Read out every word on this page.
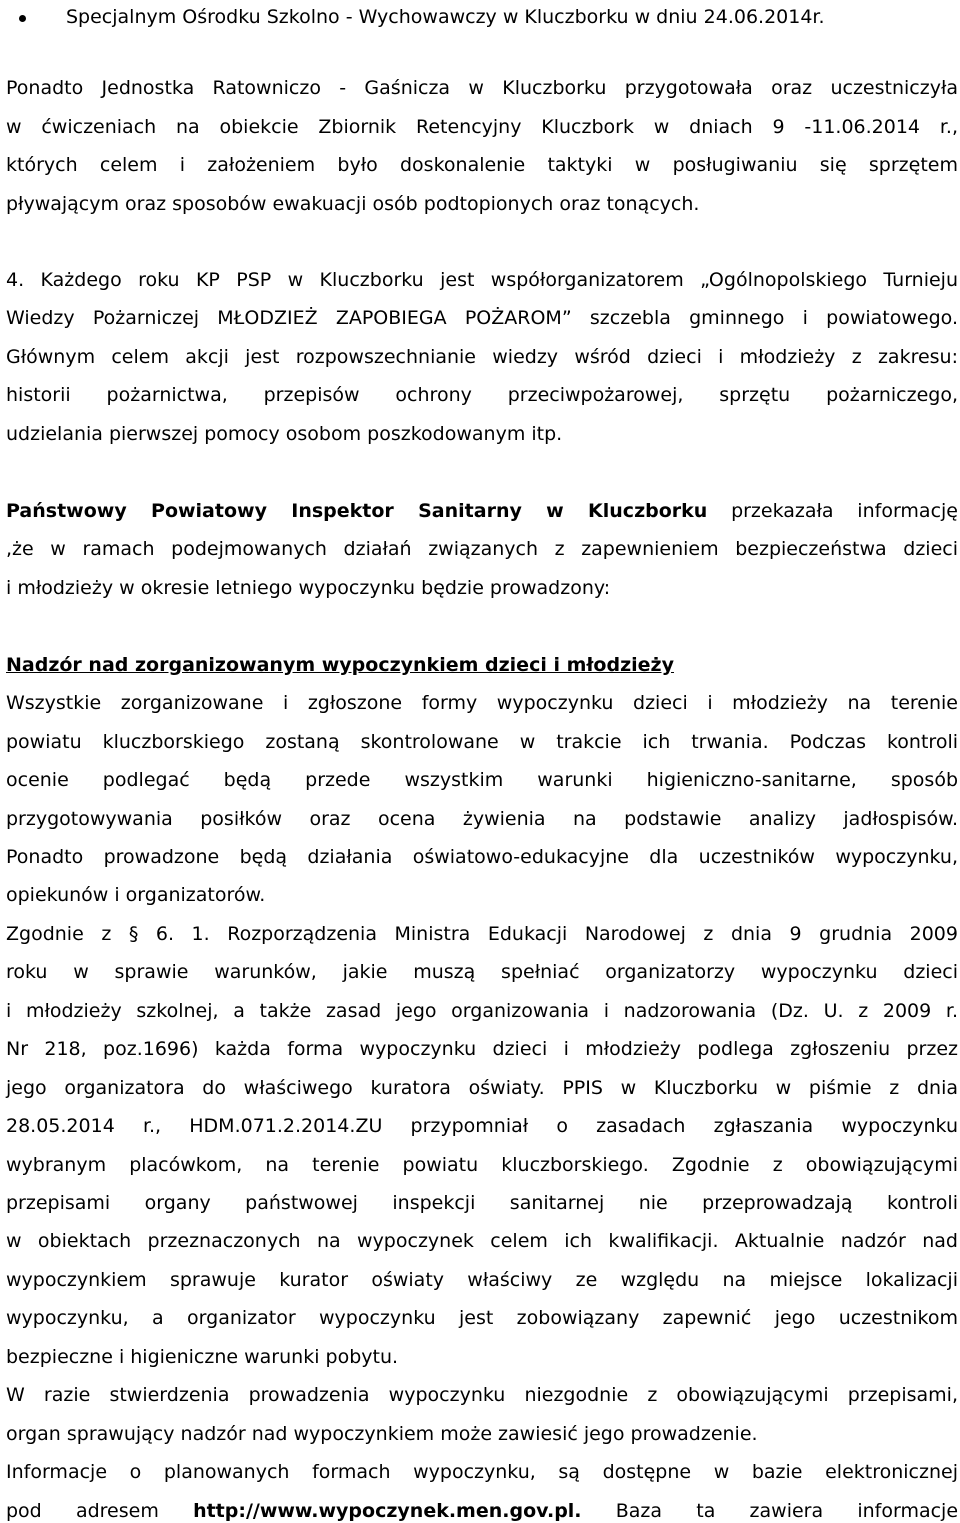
Specjalnym Ośrodku Szkolno - Wychowawczy w Kluczborku w dniu 24.06.2014r.
Ponadto Jednostka Ratowniczo - Gaśnicza w Kluczborku przygotowała oraz uczestniczyła
w ćwiczeniach na obiekcie Zbiornik Retencyjny Kluczbork w dniach 9 -11.06.2014 r.,
których celem i założeniem było doskonalenie taktyki w posługiwaniu się sprzętem
pływającym oraz sposobów ewakuacji osób podtopionych oraz tonących.
4. Każdego roku KP PSP w Kluczborku jest współorganizatorem „Ogólnopolskiego Turnieju
Wiedzy Pożarniczej MŁODZIEŻ ZAPOBIEGA POŻAROM” szczebla gminnego i powiatowego.
Głównym celem akcji jest rozpowszechnianie wiedzy wśród dzieci i młodzieży z zakresu:
historii pożarnictwa, przepisów ochrony przeciwpożarowej, sprzętu pożarniczego,
udzielania pierwszej pomocy osobom poszkodowanym itp.
Państwowy Powiatowy Inspektor Sanitarny w Kluczborku przekazała informację
,że w ramach podejmowanych działań związanych z zapewnieniem bezpieczeństwa dzieci
i młodzieży w okresie letniego wypoczynku będzie prowadzony:
Nadzór nad zorganizowanym wypoczynkiem dzieci i młodzieży
Wszystkie zorganizowane i zgłoszone formy wypoczynku dzieci i młodzieży na terenie
powiatu kluczborskiego zostaną skontrolowane w trakcie ich trwania. Podczas kontroli
ocenie podlegać będą przede wszystkim warunki higieniczno-sanitarne, sposób
przygotowywania posiłków oraz ocena żywienia na podstawie analizy jadłospisów.
Ponadto prowadzone będą działania oświatowo-edukacyjne dla uczestników wypoczynku,
opiekunów i organizatorów.
Zgodnie z § 6. 1. Rozporządzenia Ministra Edukacji Narodowej z dnia 9 grudnia 2009
roku w sprawie warunków, jakie muszą spełniać organizatorzy wypoczynku dzieci
i młodzieży szkolnej, a także zasad jego organizowania i nadzorowania (Dz. U. z 2009 r.
Nr 218, poz.1696) każda forma wypoczynku dzieci i młodzieży podlega zgłoszeniu przez
jego organizatora do właściwego kuratora oświaty. PPIS w Kluczborku w piśmie z dnia
28.05.2014 r., HDM.071.2.2014.ZU przypomniał o zasadach zgłaszania wypoczynku
wybranym placówkom, na terenie powiatu kluczborskiego. Zgodnie z obowiązującymi
przepisami organy państwowej inspekcji sanitarnej nie przeprowadzają kontroli
w obiektach przeznaczonych na wypoczynek celem ich kwalifikacji. Aktualnie nadzór nad
wypoczynkiem sprawuje kurator oświaty właściwy ze względu na miejsce lokalizacji
wypoczynku, a organizator wypoczynku jest zobowiązany zapewnić jego uczestnikom
bezpieczne i higieniczne warunki pobytu.
W razie stwierdzenia prowadzenia wypoczynku niezgodnie z obowiązującymi przepisami,
organ sprawujący nadzór nad wypoczynkiem może zawiesić jego prowadzenie.
Informacje o planowanych formach wypoczynku, są dostępne w bazie elektronicznej
pod adresem http://www.wypoczynek.men.gov.pl. Baza ta zawiera informacje
